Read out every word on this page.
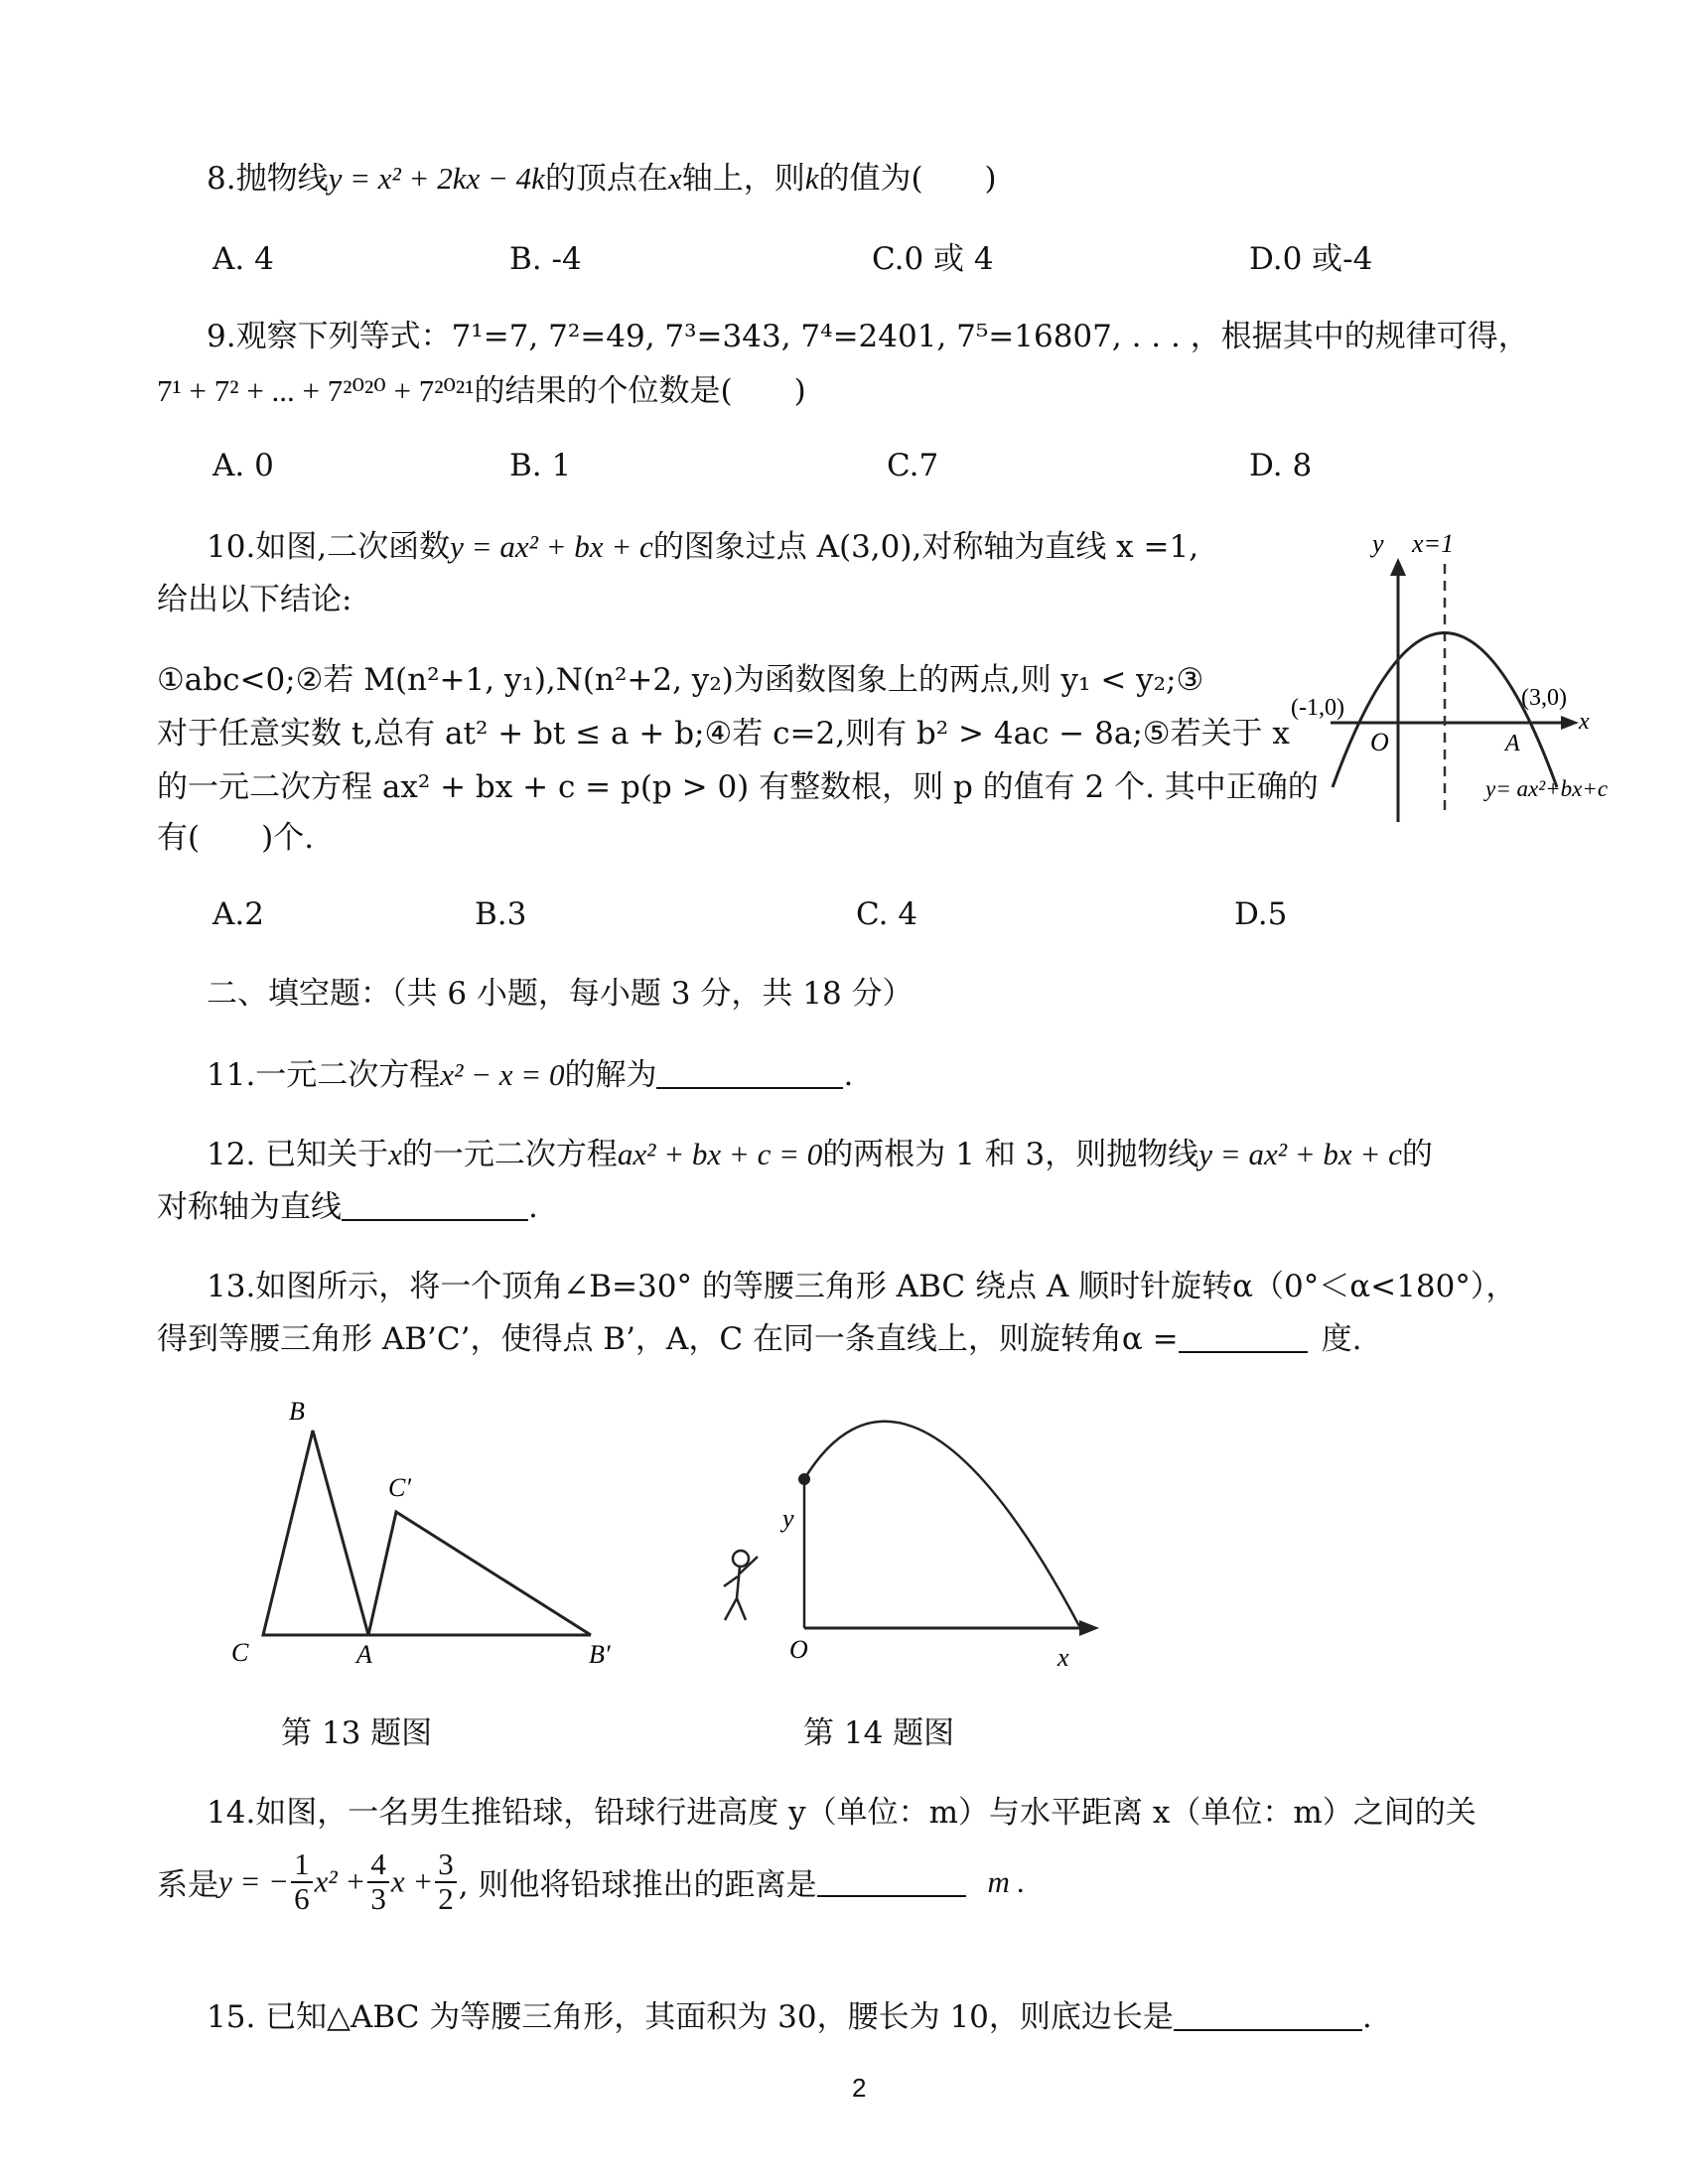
8.抛物线y = x² + 2kx − 4k的顶点在x轴上，则k的值为(　　)
A. 4	B. -4	C.0 或 4	D.0 或-4
9.观察下列等式：7¹=7, 7²=49, 7³=343, 7⁴=2401, 7⁵=16807, . . . ，根据其中的规律可得，
7¹ + 7² + ... + 7²⁰²⁰ + 7²⁰²¹的结果的个位数是(　　)
A. 0	B. 1	C.7	D. 8
10.如图,二次函数y = ax² + bx + c的图象过点 A(3,0),对称轴为直线 x =1,
给出以下结论:
①abc<0;②若 M(n²+1, y₁),N(n²+2, y₂)为函数图象上的两点,则 y₁ < y₂;③
对于任意实数 t,总有 at² + bt ≤ a + b;④若 c=2,则有 b² > 4ac − 8a;⑤若关于 x
的一元二次方程 ax² + bx + c = p(p > 0) 有整数根，则 p 的值有 2 个. 其中正确的
有(　　)个.
A.2	B.3	C. 4	D.5
y x=1
(-1,0)	(3,0)
x
O	A
y= ax²+bx+c
二、填空题：（共 6 小题，每小题 3 分，共 18 分）
11.一元二次方程x² − x = 0的解为	.
12. 已知关于x的一元二次方程ax² + bx + c = 0的两根为 1 和 3，则抛物线y = ax² + bx + c的
对称轴为直线	.
13.如图所示，将一个顶角∠B=30° 的等腰三角形 ABC 绕点 A 顺时针旋转α（0°＜α<180°），
得到等腰三角形 AB’C’，使得点 B’，A，C 在同一条直线上，则旋转角α =	度.
B
C	A
C′
B′
y
O	x
第 13 题图	第 14 题图
14.如图，一名男生推铅球，铅球行进高度 y（单位：m）与水平距离 x（单位：m）之间的关
系是y = − $\frac{1}{6} x^2 + \frac{4}{3}$ $x + \frac{3}{2}$ , 则他将铅球推出的距离是	m .
15. 已知△ABC 为等腰三角形，其面积为 30，腰长为 10，则底边长是	.
2
